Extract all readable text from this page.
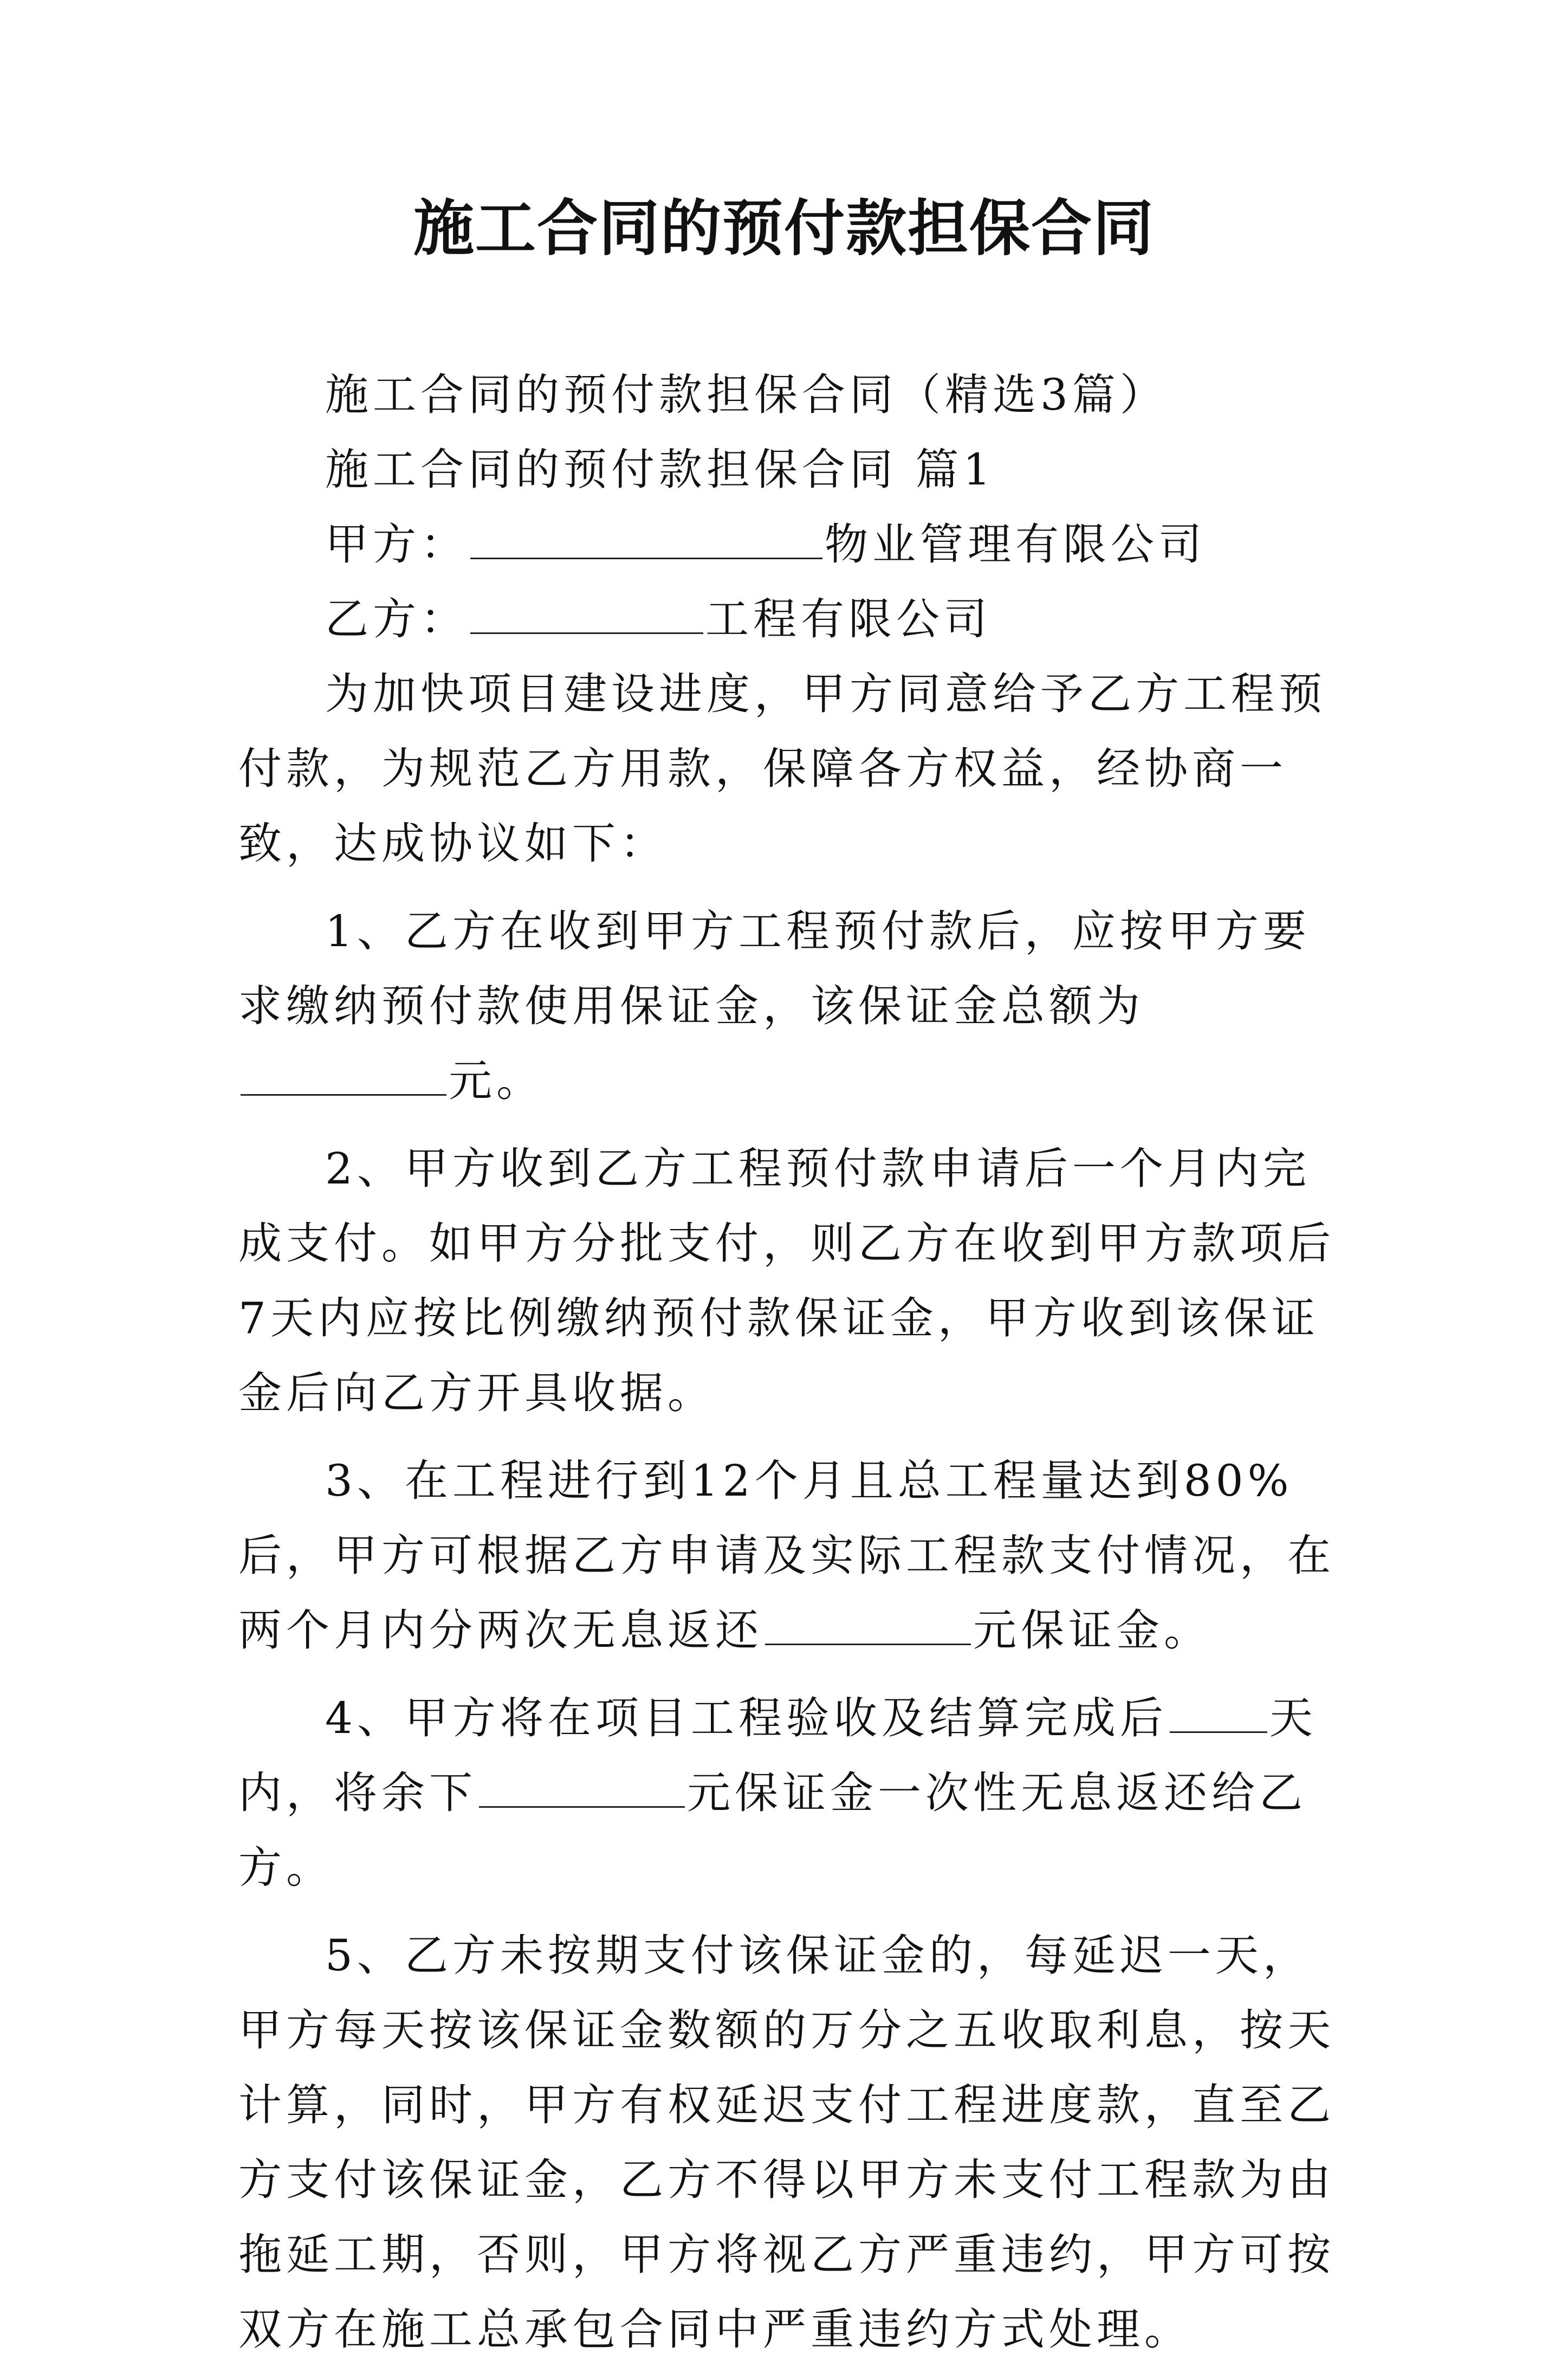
施工合同的预付款担保合同

施工合同的预付款担保合同（精选3篇）

施工合同的预付款担保合同 篇1

甲方：	物业管理有限公司

乙方：	工程有限公司

为加快项目建设进度，甲方同意给予乙方工程预付款，为规范乙方用款，保障各方权益，经协商一致，达成协议如下：

1、乙方在收到甲方工程预付款后，应按甲方要求缴纳预付款使用保证金，该保证金总额为元。

2、甲方收到乙方工程预付款申请后一个月内完成支付。如甲方分批支付，则乙方在收到甲方款项后7天内应按比例缴纳预付款保证金，甲方收到该保证金后向乙方开具收据。

3、在工程进行到12个月且总工程量达到80%后，甲方可根据乙方申请及实际工程款支付情况，在两个月内分两次无息返还	元保证金。

4、甲方将在项目工程验收及结算完成后 天内，将余下	元保证金一次性无息返还给乙方。

5、乙方未按期支付该保证金的，每延迟一天，甲方每天按该保证金数额的万分之五收取利息，按天计算，同时，甲方有权延迟支付工程进度款，直至乙方支付该保证金，乙方不得以甲方未支付工程款为由拖延工期，否则，甲方将视乙方严重违约，甲方可按双方在施工总承包合同中严重违约方式处理。
